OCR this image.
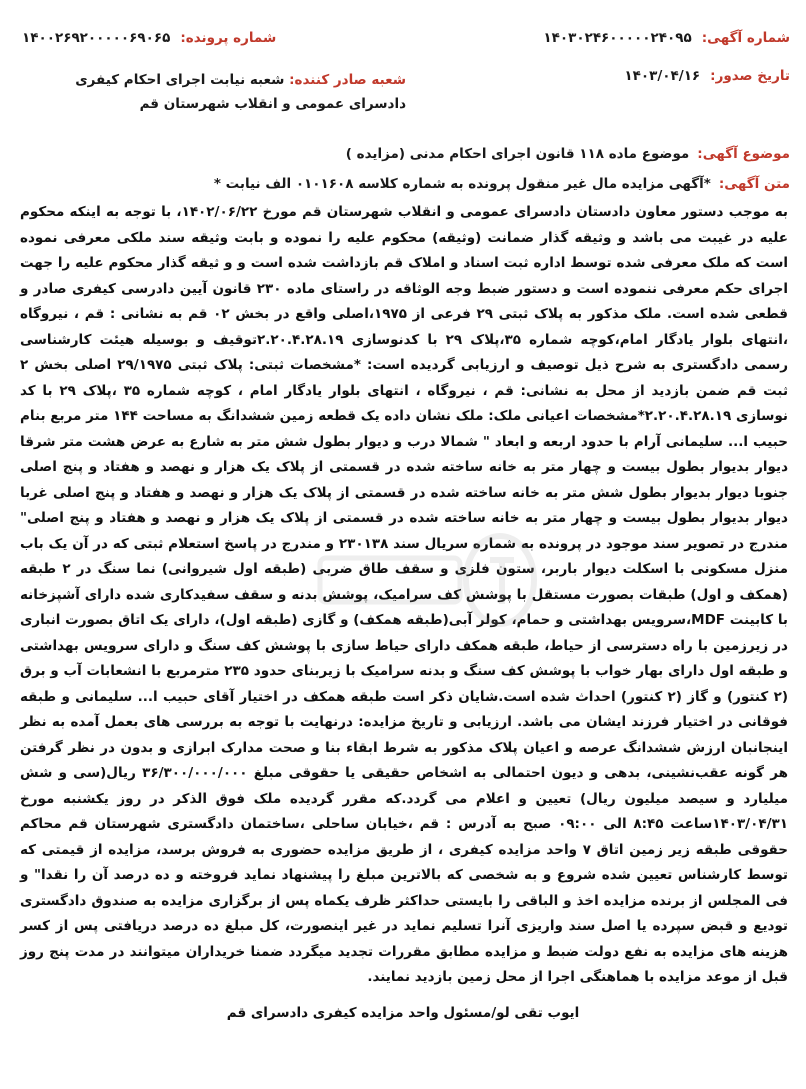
شماره آگهی:
۱۴۰۳۰۲۴۶۰۰۰۰۰۲۴۰۹۵
شماره پرونده:
۱۴۰۰۲۶۹۲۰۰۰۰۰۶۹۰۶۵
تاریخ صدور:
۱۴۰۳/۰۴/۱۶
شعبه صادر کننده: شعبه نیابت اجرای احکام کیفری دادسرای عمومی و انقلاب شهرستان قم
موضوع آگهی:
موضوع ماده ۱۱۸ قانون اجرای احکام مدنی (مزایده )
متن آگهی:
*آگهی مزایده مال غیر منقول پرونده به شماره کلاسه ۰۱۰۱۶۰۸ الف نیابت *
به موجب دستور معاون دادستان دادسرای عمومی و انقلاب شهرستان قم مورخ ۱۴۰۲/۰۶/۲۲، با توجه به اینکه محکوم علیه در غیبت می باشد و وثیقه گذار ضمانت (وثیقه) محکوم علیه را نموده و بابت وثیقه سند ملکی معرفی نموده است که ملک معرفی شده توسط اداره ثبت اسناد و املاک قم بازداشت شده است و و ثیقه گذار محکوم علیه را جهت اجرای حکم معرفی ننموده است و دستور ضبط وجه الوثاقه در راستای ماده ۲۳۰ قانون آیین دادرسی کیفری صادر و قطعی شده است. ملک مذکور به پلاک ثبتی ۲۹ فرعی از ۱۹۷۵،اصلی واقع در بخش ۰۲ قم به نشانی : قم ، نیروگاه ،انتهای بلوار یادگار امام،کوچه شماره ۳۵،پلاک ۲۹ با کدنوسازی ۲.۲۰.۴.۲۸.۱۹توقیف و بوسیله هیئت کارشناسی رسمی دادگستری به شرح ذیل توصیف و ارزیابی گردیده است: *مشخصات ثبتی: پلاک ثبتی ۲۹/۱۹۷۵ اصلی بخش ۲ ثبت قم ضمن بازدید از محل به نشانی: قم ، نیروگاه ، انتهای بلوار یادگار امام ، کوچه شماره ۳۵ ،پلاک ۲۹ با کد نوسازی ۲.۲۰.۴.۲۸.۱۹*مشخصات اعیانی ملک: ملک نشان داده یک قطعه زمین ششدانگ به مساحت ۱۴۴ متر مربع بنام حبیب ا... سلیمانی آرام با حدود اربعه و ابعاد " شمالا درب و دیوار بطول شش متر به شارع به عرض هشت متر شرقا دیوار بدیوار بطول بیست و چهار متر به خانه ساخته شده در قسمتی از پلاک یک هزار و نهصد و هفتاد و پنج اصلی جنوبا دیوار بدیوار بطول شش متر به خانه ساخته شده در قسمتی از پلاک یک هزار و نهصد و هفتاد و پنج اصلی غربا دیوار بدیوار بطول بیست و چهار متر به خانه ساخته شده در قسمتی از پلاک یک هزار و نهصد و هفتاد و پنج اصلی" مندرج در تصویر سند موجود در پرونده به شماره سریال سند ۲۳۰۱۳۸ و مندرج در پاسخ استعلام ثبتی که در آن یک باب منزل مسکونی با اسکلت دیوار باربر، ستون فلزی و سقف طاق ضربی (طبقه اول شیروانی) نما سنگ در ۲ طبقه (همکف و اول) طبقات بصورت مستقل با پوشش کف سرامیک، پوشش بدنه و سقف سفیدکاری شده دارای آشپزخانه با کابینت MDF،سرویس بهداشتی و حمام، کولر آبی(طبقه همکف) و گازی (طبقه اول)، دارای یک اتاق بصورت انباری در زیرزمین با راه دسترسی از حیاط، طبقه همکف دارای حیاط سازی با پوشش کف سنگ و دارای سرویس بهداشتی و طبقه اول دارای بهار خواب با پوشش کف سنگ و بدنه سرامیک با زیربنای حدود ۲۳۵ مترمربع با انشعابات آب و برق (۲ کنتور) و گاز (۲ کنتور) احداث شده است.شایان ذکر است طبقه همکف در اختیار آقای حبیب ا... سلیمانی و طبقه فوقانی در اختیار فرزند ایشان می باشد. ارزیابی و تاریخ مزایده: درنهایت با توجه به بررسی های بعمل آمده به نظر اینجانبان ارزش ششدانگ عرصه و اعیان پلاک مذکور به شرط ابقاء بنا و صحت مدارک ابرازی و بدون در نظر گرفتن هر گونه عقب‌نشینی، بدهی و دیون احتمالی به اشخاص حقیقی یا حقوقی مبلغ ۳۶/۳۰۰/۰۰۰/۰۰۰ ریال(سی و شش میلیارد و سیصد میلیون ریال) تعیین و اعلام می گردد.که مقرر گردیده ملک فوق الذکر در روز یکشنبه مورخ ۱۴۰۳/۰۴/۳۱ساعت ۸:۴۵ الی ۰۹:۰۰ صبح به آدرس : قم ،خیابان ساحلی ،ساختمان دادگستری شهرستان قم محاکم حقوقی طبقه زیر زمین اتاق ۷ واحد مزایده کیفری ، از طریق مزایده حضوری به فروش برسد، مزایده از قیمتی که توسط کارشناس تعیین شده شروع و به شخصی که بالاترین مبلغ را پیشنهاد نماید فروخته و ده درصد آن را نقدا" و فی المجلس از برنده مزایده اخذ و الباقی را بایستی حداکثر ظرف یکماه پس از برگزاری مزایده به صندوق دادگستری تودیع و قبض سپرده یا اصل سند واریزی آنرا تسلیم نماید در غیر اینصورت، کل مبلغ ده درصد دریافتی پس از کسر هزینه های مزایده به نفع دولت ضبط و مزایده مطابق مقررات تجدید میگردد ضمنا خریداران میتوانند در مدت پنج روز قبل از موعد مزایده با هماهنگی اجرا از محل زمین بازدید نمایند.
ایوب تقی لو/مسئول واحد مزایده کیفری دادسرای قم
